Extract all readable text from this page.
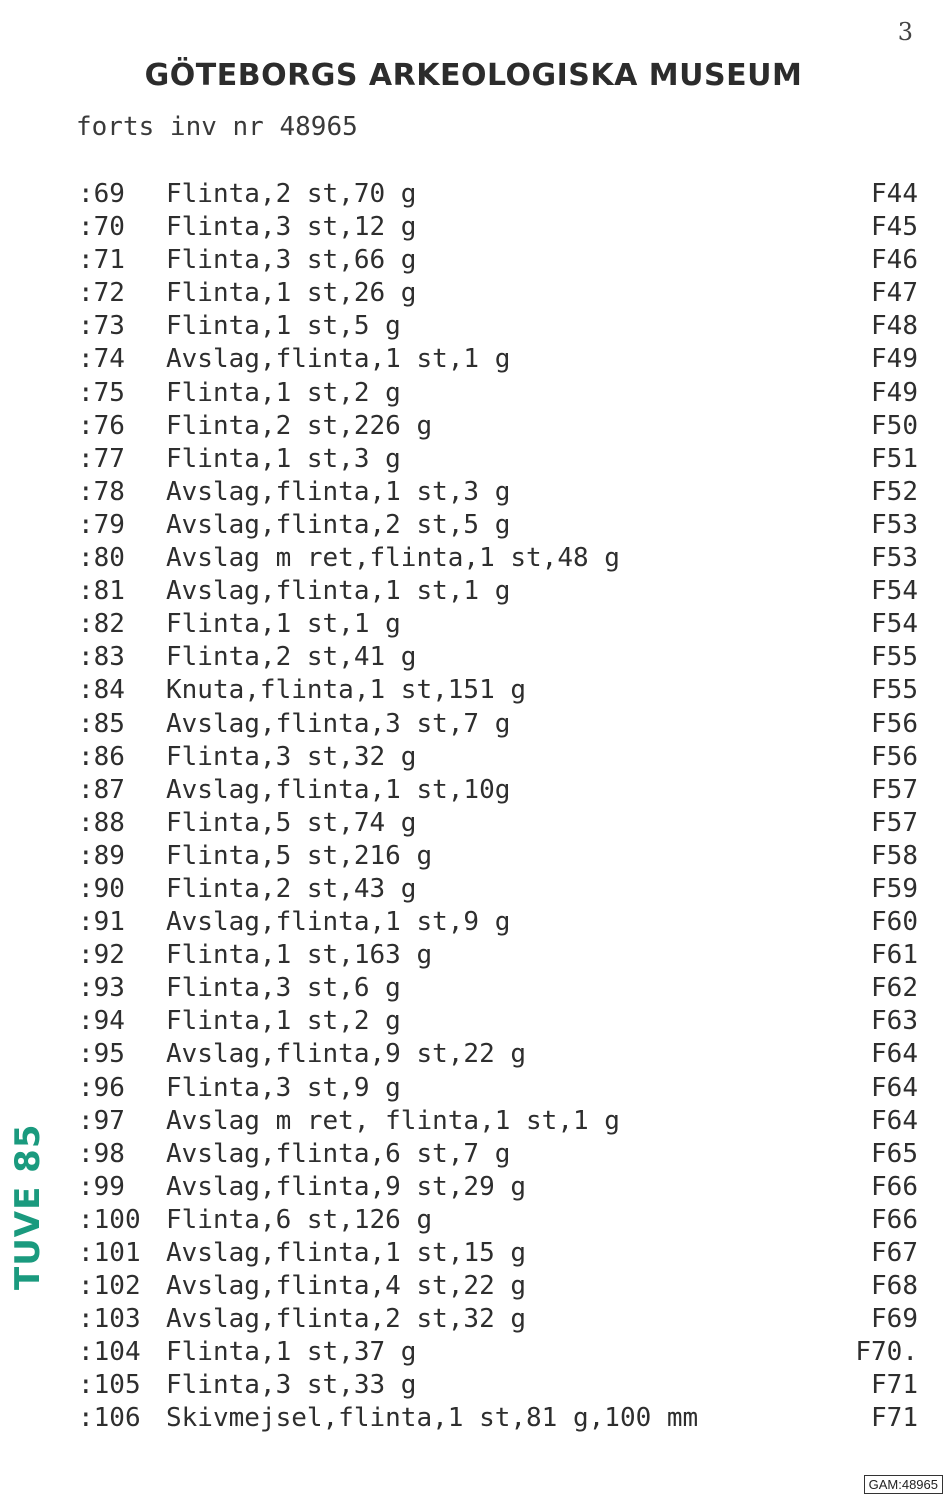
3
GÖTEBORGS ARKEOLOGISKA MUSEUM
forts inv nr 48965
:69 Flinta,2 st,70 g	F44
:70 Flinta,3 st,12 g	F45
:71 Flinta,3 st,66 g	F46
:72 Flinta,1 st,26 g	F47
:73 Flinta,1 st,5 g	F48
:74 Avslag,flinta,1 st,1 g	F49
:75 Flinta,1 st,2 g	F49
:76 Flinta,2 st,226 g	F50
:77 Flinta,1 st,3 g	F51
:78 Avslag,flinta,1 st,3 g	F52
:79 Avslag,flinta,2 st,5 g	F53
:80 Avslag m ret,flinta,1 st,48 g	F53
:81 Avslag,flinta,1 st,1 g	F54
:82 Flinta,1 st,1 g	F54
:83 Flinta,2 st,41 g	F55
:84 Knuta,flinta,1 st,151 g	F55
:85 Avslag,flinta,3 st,7 g	F56
:86 Flinta,3 st,32 g	F56
:87 Avslag,flinta,1 st,10g	F57
:88 Flinta,5 st,74 g	F57
:89 Flinta,5 st,216 g	F58
:90 Flinta,2 st,43 g	F59
:91 Avslag,flinta,1 st,9 g	F60
:92 Flinta,1 st,163 g	F61
:93 Flinta,3 st,6 g	F62
:94 Flinta,1 st,2 g	F63
:95 Avslag,flinta,9 st,22 g	F64
:96 Flinta,3 st,9 g	F64
:97 Avslag m ret, flinta,1 st,1 g	F64
:98 Avslag,flinta,6 st,7 g	F65
:99 Avslag,flinta,9 st,29 g	F66
:100 Flinta,6 st,126 g	F66
:101 Avslag,flinta,1 st,15 g	F67
:102 Avslag,flinta,4 st,22 g	F68
:103 Avslag,flinta,2 st,32 g	F69
:104 Flinta,1 st,37 g	F70.
:105 Flinta,3 st,33 g	F71
:106 Skivmejsel,flinta,1 st,81 g,100 mm	F71
TUVE 85
GAM:48965
